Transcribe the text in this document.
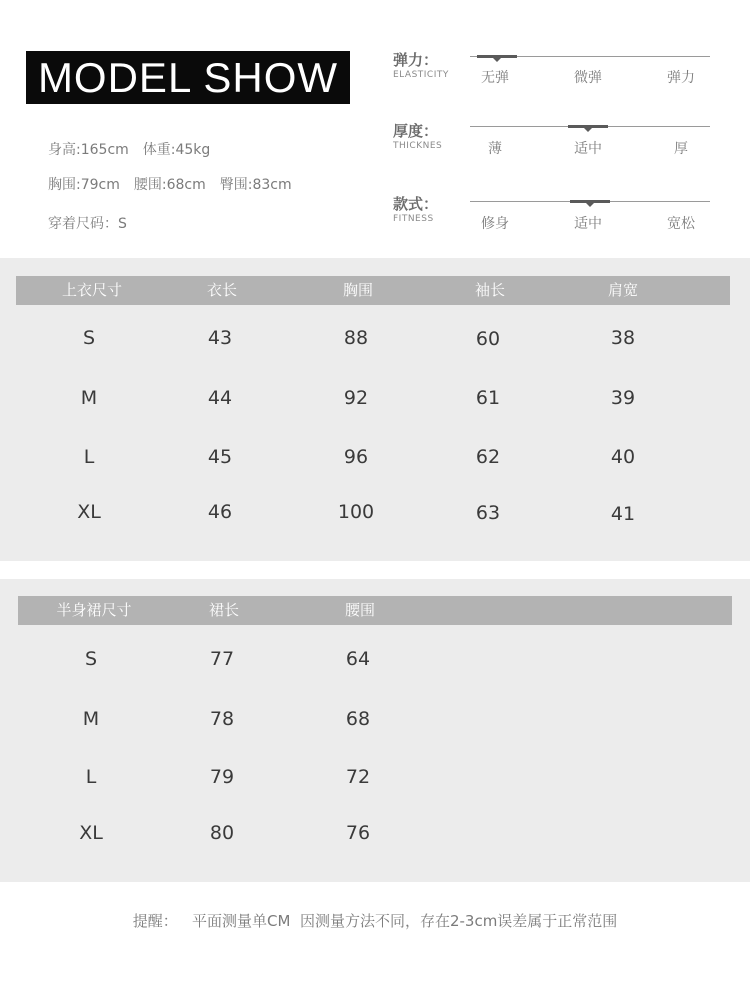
MODEL SHOW
身高:165cm 体重:45kg
胸围:79cm 腰围:68cm 臀围:83cm
穿着尺码：S
弹力：
ELASTICITY	无弹	微弹	弹力
厚度：
THICKNES	薄	适中	厚
款式：
FITNESS	修身	适中	宽松
上衣尺寸	衣长	胸围	袖长	肩宽
S	43	88	60	38
M	44	92	61	39
L	45	96	62	40
XL	46	100	63	41
半身裙尺寸	裙长	腰围
S	77	64
M	78	68
L	79	72
XL	80	76
提醒：   平面测量单CM  因测量方法不同，存在2-3cm误差属于正常范围
